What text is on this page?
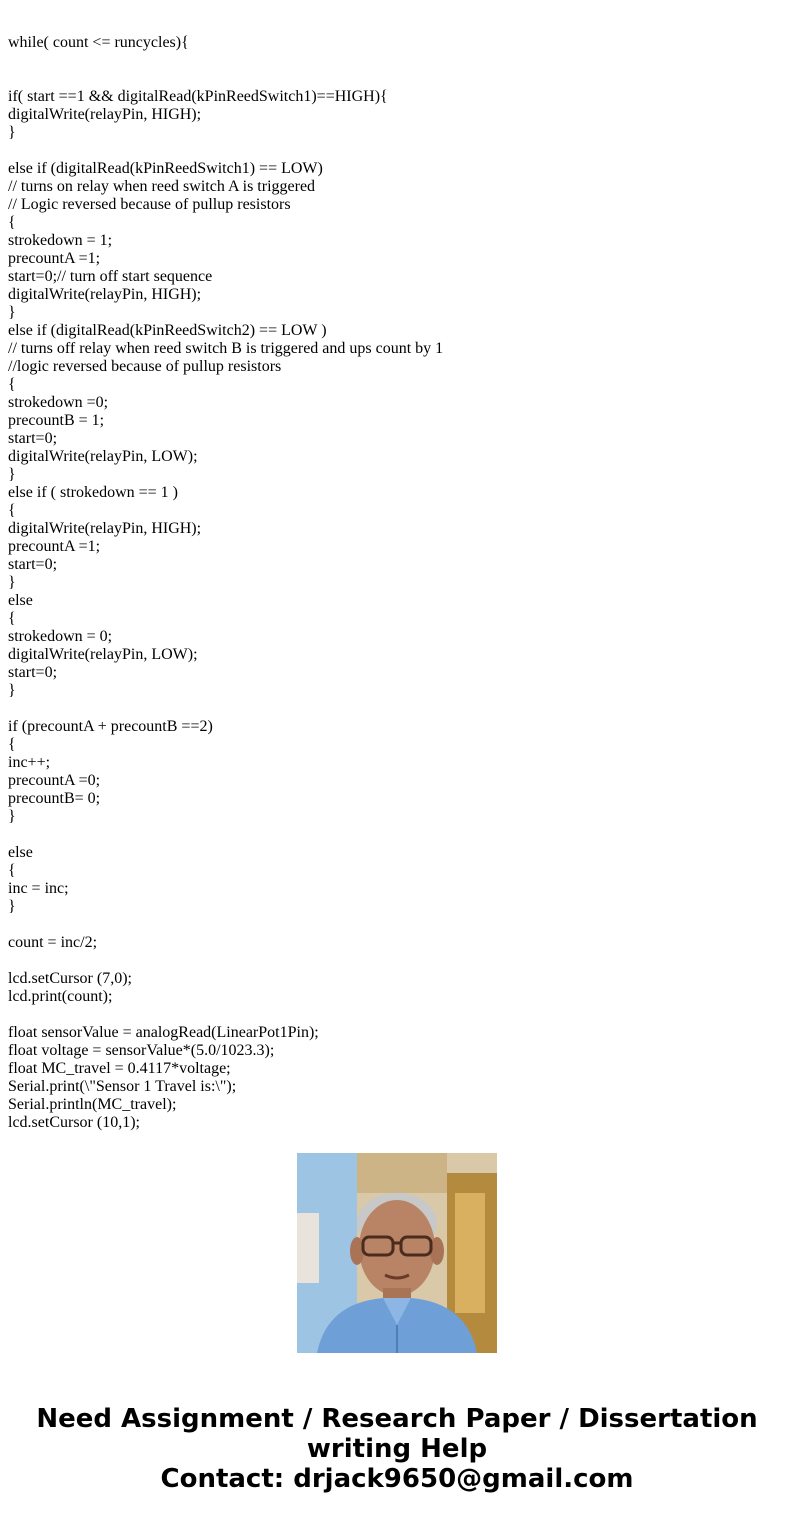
while( count <= runcycles){
if( start ==1 && digitalRead(kPinReedSwitch1)==HIGH){
digitalWrite(relayPin, HIGH);
}
else if (digitalRead(kPinReedSwitch1) == LOW)
// turns on relay when reed switch A is triggered
// Logic reversed because of pullup resistors
{
strokedown = 1;
precountA =1;
start=0;// turn off start sequence
digitalWrite(relayPin, HIGH);
}
else if (digitalRead(kPinReedSwitch2) == LOW )
// turns off relay when reed switch B is triggered and ups count by 1
//logic reversed because of pullup resistors
{
strokedown =0;
precountB = 1;
start=0;
digitalWrite(relayPin, LOW);
}
else if ( strokedown == 1 )
{
digitalWrite(relayPin, HIGH);
precountA =1;
start=0;
}
else
{
strokedown = 0;
digitalWrite(relayPin, LOW);
start=0;
}
if (precountA + precountB ==2)
{
inc++;
precountA =0;
precountB= 0;
}
else
{
inc = inc;
}
count = inc/2;
lcd.setCursor (7,0);
lcd.print(count);
float sensorValue = analogRead(LinearPot1Pin);
float voltage = sensorValue*(5.0/1023.3);
float MC_travel = 0.4117*voltage;
Serial.print(\"Sensor 1 Travel is:\");
Serial.println(MC_travel);
lcd.setCursor (10,1);
Need Assignment / Research Paper / Dissertation
writing Help
Contact: drjack9650@gmail.com
